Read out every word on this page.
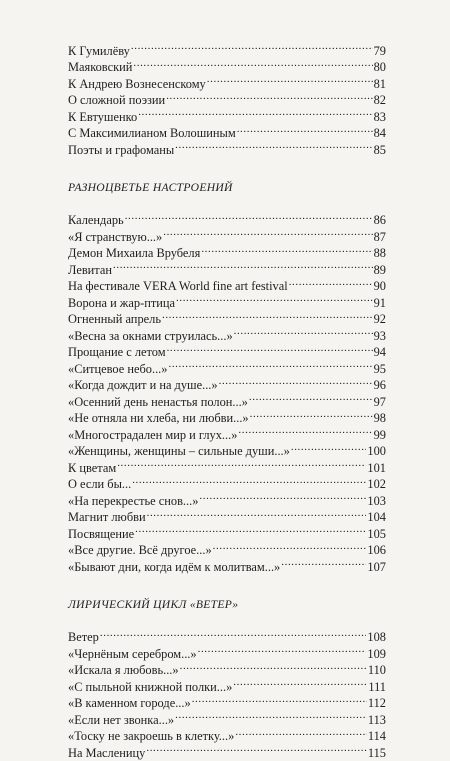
К Гумилёву .....	79
Маяковский .....	80
К Андрею Вознесенскому .....	81
О сложной поэзии .....	82
К Евтушенко .....	83
С Максимилианом Волошиным .....	84
Поэты и графоманы .....	85
РАЗНОЦВЕТЬЕ НАСТРОЕНИЙ
Календарь .....	86
«Я странствую...» .....	87
Демон Михаила Врубеля .....	88
Левитан .....	89
На фестивале VERA World fine art festival .....	90
Ворона и жар-птица .....	91
Огненный апрель .....	92
«Весна за окнами струилась...» .....	93
Прощание с летом .....	94
«Ситцевое небо...» .....	95
«Когда дождит и на душе...» .....	96
«Осенний день ненастья полон...» .....	97
«Не отняла ни хлеба, ни любви...» .....	98
«Многострадален мир и глух...» .....	99
«Женщины, женщины – сильные души...» .....	100
К цветам .....	101
О если бы... .....	102
«На перекрестье снов...» .....	103
Магнит любви .....	104
Посвящение .....	105
«Все другие. Всё другое...» .....	106
«Бывают дни, когда идём к молитвам...» .....	107
ЛИРИЧЕСКИЙ ЦИКЛ «ВЕТЕР»
Ветер .....	108
«Чернёным серебром...» .....	109
«Искала я любовь...» .....	110
«С пыльной книжной полки...» .....	111
«В каменном городе...» .....	112
«Если нет звонка...» .....	113
«Тоску не закроешь в клетку...» .....	114
На Масленицу .....	115
